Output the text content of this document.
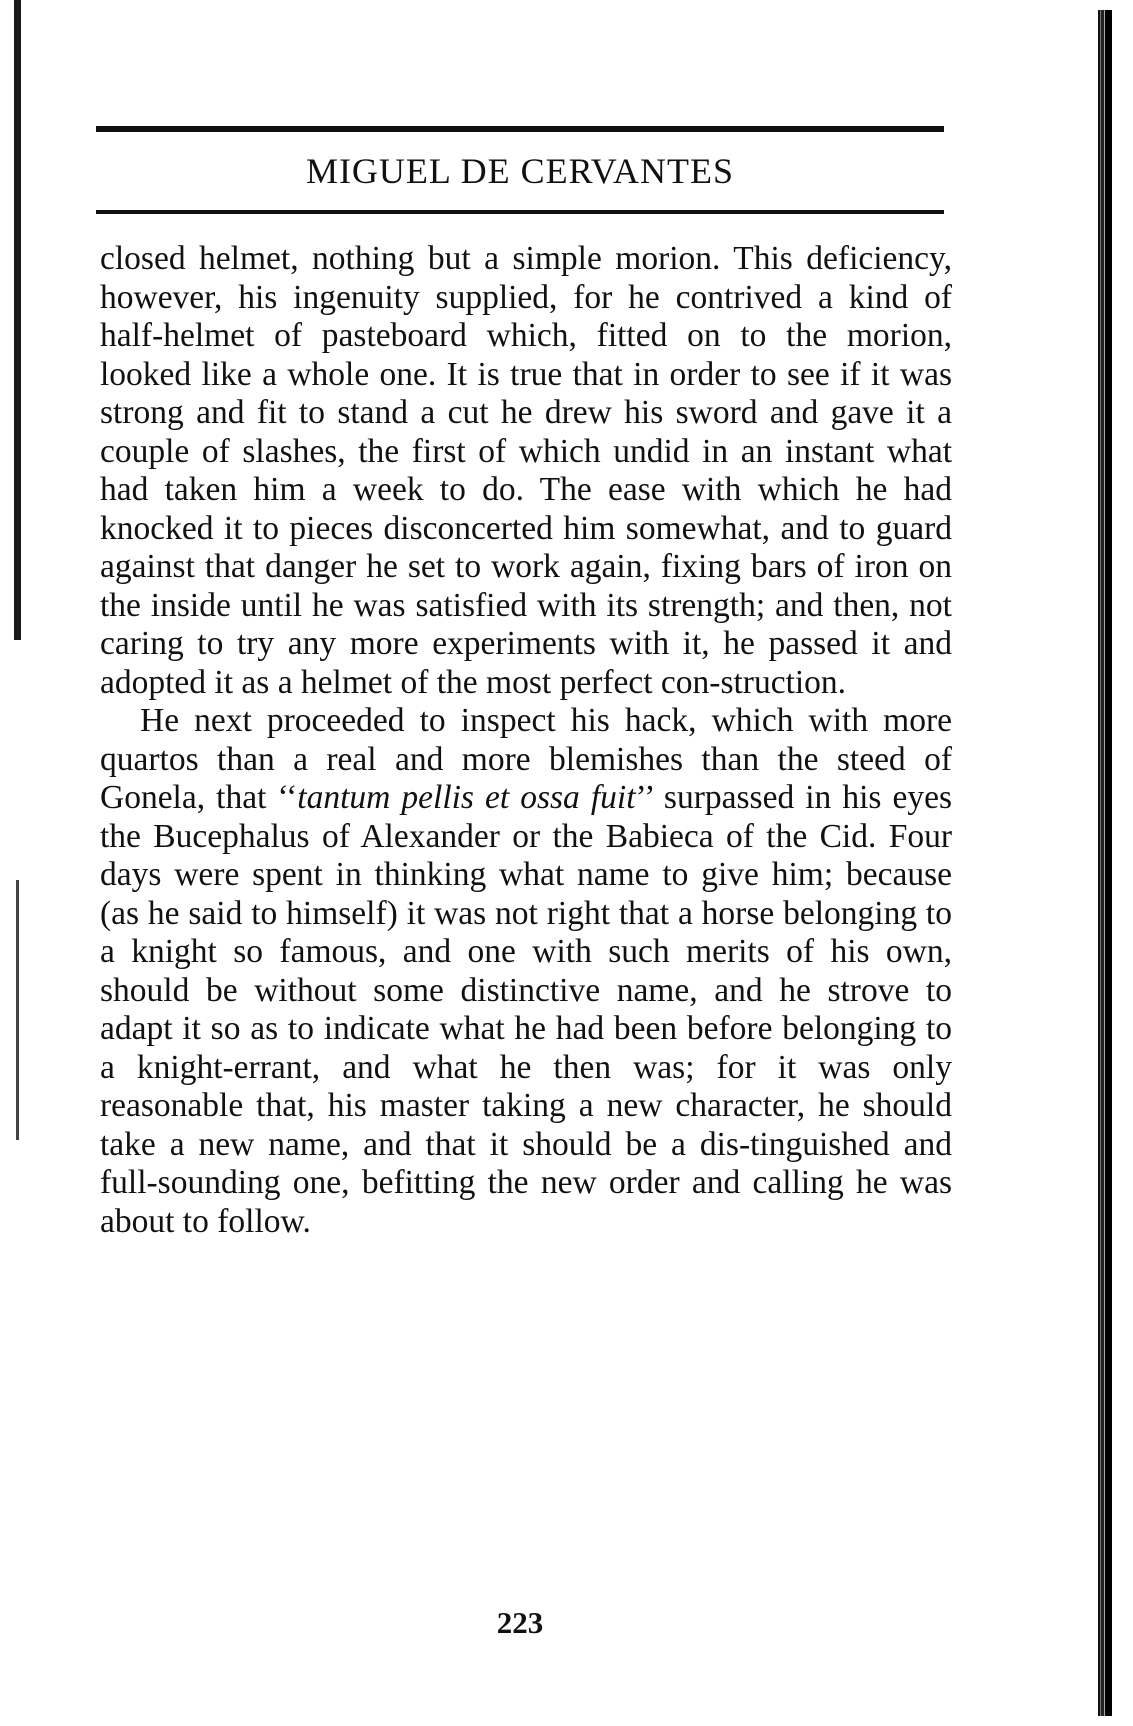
MIGUEL DE CERVANTES

closed helmet, nothing but a simple morion. This deficiency, however, his ingenuity supplied, for he contrived a kind of half-helmet of pasteboard which, fitted on to the morion, looked like a whole one. It is true that in order to see if it was strong and fit to stand a cut he drew his sword and gave it a couple of slashes, the first of which undid in an instant what had taken him a week to do. The ease with which he had knocked it to pieces disconcerted him somewhat, and to guard against that danger he set to work again, fixing bars of iron on the inside until he was satisfied with its strength; and then, not caring to try any more experiments with it, he passed it and adopted it as a helmet of the most perfect con-struction.

He next proceeded to inspect his hack, which with more quartos than a real and more blemishes than the steed of Gonela, that ‘‘tantum pellis et ossa fuit’’ surpassed in his eyes the Bucephalus of Alexander or the Babieca of the Cid. Four days were spent in thinking what name to give him; because (as he said to himself) it was not right that a horse belonging to a knight so famous, and one with such merits of his own, should be without some distinctive name, and he strove to adapt it so as to indicate what he had been before belonging to a knight-errant, and what he then was; for it was only reasonable that, his master taking a new character, he should take a new name, and that it should be a dis-tinguished and full-sounding one, befitting the new order and calling he was about to follow.

223
